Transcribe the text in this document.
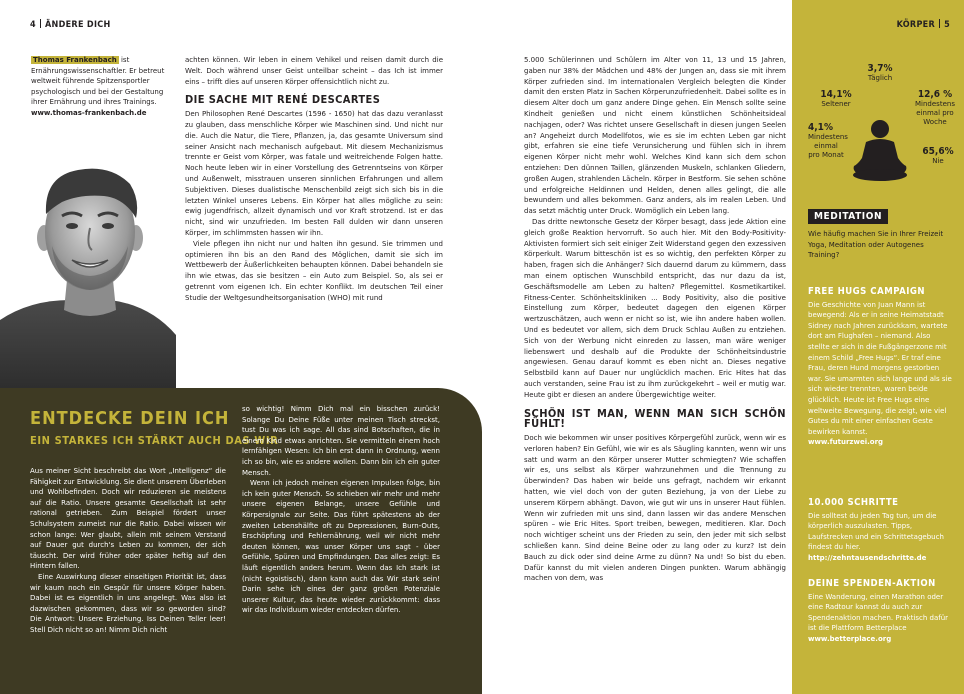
4 ÄNDERE DICH
Thomas Frankenbach ist Ernährungswissenschaftler. Er betreut weltweit führende Spitzensportler psychologisch und bei der Gestaltung ihrer Ernährung und ihres Trainings.
www.thomas-frankenbach.de

achten können. Wir leben in einem Vehikel und reisen damit durch die Welt. Doch während unser Geist unteilbar scheint – das Ich ist immer eins – trifft dies auf unseren Körper offensichtlich nicht zu.

DIE SACHE MIT RENÉ DESCARTES

Den Philosophen René Descartes (1596 - 1650) hat das dazu veranlasst zu glauben, dass menschliche Körper wie Maschinen sind. Und nicht nur die. Auch die Natur, die Tiere, Pflanzen, ja, das gesamte Universum sind seiner Ansicht nach mechanisch aufgebaut. Mit diesem Mechanizismus trennte er Geist vom Körper, was fatale und weitreichende Folgen hatte. Noch heute leben wir in einer Vorstellung des Getrenntseins von Körper und Außenwelt, misstrauen unseren sinnlichen Erfahrungen und allem Subjektiven. Dieses dualistische Menschenbild zeigt sich sich bis in die letzten Winkel unseres Lebens. Ein Körper hat alles mögliche zu sein: ewig jugendfrisch, allzeit dynamisch und vor Kraft strotzend. Ist er das nicht, sind wir unzufrieden. Im besten Fall dulden wir dann unseren Körper, im schlimmsten hassen wir ihn.

Viele pflegen ihn nicht nur und halten ihn gesund. Sie trimmen und optimieren ihn bis an den Rand des Möglichen, damit sie sich im Wettbewerb der Äußerlichkeiten behaupten können. Dabei behandeln sie ihn wie etwas, das sie besitzen – ein Auto zum Beispiel. So, als sei er getrennt vom eigenen Ich. Ein echter Konflikt. Im deutschen Teil einer Studie der Weltgesundheitsorganisation (WHO) mit rund

ENTDECKE DEIN ICH
EIN STARKES ICH STÄRKT AUCH DAS WIR

Aus meiner Sicht beschreibt das Wort „Intelligenz“ die Fähigkeit zur Entwicklung. Sie dient unserem Überleben und Wohlbefinden. Doch wir reduzieren sie meistens auf die Ratio. Unsere gesamte Gesellschaft ist sehr rational getrieben. Zum Beispiel fördert unser Schulsystem zumeist nur die Ratio. Dabei wissen wir schon lange: Wer glaubt, allein mit seinem Verstand auf Dauer gut durch's Leben zu kommen, der sich täuscht. Der wird früher oder später heftig auf den Hintern fallen.

Eine Auswirkung dieser einseitigen Priorität ist, dass wir kaum noch ein Gespür für unsere Körper haben. Dabei ist es eigentlich in uns angelegt. Was also ist dazwischen gekommen, dass wir so geworden sind? Die Antwort: Unsere Erziehung. Iss Deinen Teller leer! Stell Dich nicht so an! Nimm Dich nicht

so wichtig! Nimm Dich mal ein bisschen zurück! Solange Du Deine Füße unter meinen Tisch streckst, tust Du was ich sage. All das sind Botschaften, die in einem Kind etwas anrichten. Sie vermitteln einem hoch lernfähigen Wesen: Ich bin erst dann in Ordnung, wenn ich so bin, wie es andere wollen. Dann bin ich ein guter Mensch.

Wenn ich jedoch meinen eigenen Impulsen folge, bin ich kein guter Mensch. So schieben wir mehr und mehr unsere eigenen Belange, unsere Gefühle und Körpersignale zur Seite. Das führt spätestens ab der zweiten Lebenshälfte oft zu Depressionen, Burn-Outs, Erschöpfung und Fehlernährung, weil wir nicht mehr deuten können, was unser Körper uns sagt - über Gefühle, Spüren und Empfindungen. Das alles zeigt: Es läuft eigentlich anders herum. Wenn das Ich stark ist (nicht egoistisch), dann kann auch das Wir stark sein! Darin sehe ich eines der ganz großen Potenziale unserer Kultur, das heute wieder zurückkommt: dass wir das Individuum wieder entdecken dürfen.

5.000 Schülerinnen und Schülern im Alter von 11, 13 und 15 Jahren, gaben nur 38% der Mädchen und 48% der Jungen an, dass sie mit ihrem Körper zufrieden sind. Im internationalen Vergleich belegten die Kinder damit den ersten Platz in Sachen Körperunzufriedenheit. Dabei sollte es in diesem Alter doch um ganz andere Dinge gehen. Ein Mensch sollte seine Kindheit genießen und nicht einem künstlichen Schönheitsideal nachjagen, oder? Was richtet unsere Gesellschaft in diesen jungen Seelen an? Angeheizt durch Modellfotos, wie es sie im echten Leben gar nicht gibt, erfahren sie eine tiefe Verunsicherung und fühlen sich in ihrem eigenen Körper nicht mehr wohl. Welches Kind kann sich dem schon entziehen: Den dünnen Taillen, glänzenden Muskeln, schlanken Gliedern, großen Augen, strahlenden Lächeln. Körper in Bestform. Sie sehen schöne und erfolgreiche Heldinnen und Helden, denen alles gelingt, die alle bewundern und alles bekommen. Ganz anders, als im realen Leben. Und das setzt mächtig unter Druck. Womöglich ein Leben lang.

Das dritte newtonsche Gesetz der Körper besagt, dass jede Aktion eine gleich große Reaktion hervorruft. So auch hier. Mit den Body-Positivity-Aktivisten formiert sich seit einiger Zeit Widerstand gegen den exzessiven Körperkult. Warum bitteschön ist es so wichtig, den perfekten Körper zu haben, fragen sich die Anhänger? Sich dauernd darum zu kümmern, dass man einem optischen Wunschbild entspricht, das nur dazu da ist, Geschäftsmodelle am Leben zu halten? Pflegemittel. Kosmetikartikel. Fitness-Center. Schönheitskliniken ... Body Positivity, also die positive Einstellung zum Körper, bedeutet dagegen den eigenen Körper wertzuschätzen, auch wenn er nicht so ist, wie ihn andere haben wollen. Und es bedeutet vor allem, sich dem Druck Schlau Außen zu entziehen. Sich von der Werbung nicht einreden zu lassen, man wäre weniger liebenswert und deshalb auf die Produkte der Schönheitsindustrie angewiesen. Genau darauf kommt es eben nicht an. Dieses negative Selbstbild kann auf Dauer nur unglücklich machen. Eric Hites hat das auch verstanden, seine Frau ist zu ihm zurückgekehrt – weil er mutig war. Heute gibt er diesen an andere Übergewichtige weiter.

SCHÖN IST MAN, WENN MAN SICH SCHÖN FÜHLT!

Doch wie bekommen wir unser positives Körpergefühl zurück, wenn wir es verloren haben? Ein Gefühl, wie wir es als Säugling kannten, wenn wir uns satt und warm an den Körper unserer Mutter schmiegten? Wie schaffen wir es, uns selbst als Körper wahrzunehmen und die Trennung zu überwinden? Das haben wir beide uns gefragt, nachdem wir erkannt hatten, wie viel doch von der guten Beziehung, ja von der Liebe zu unserem Körpern abhängt. Davon, wie gut wir uns in unserer Haut fühlen. Wenn wir zufrieden mit uns sind, dann lassen wir das andere Menschen spüren – wie Eric Hites. Sport treiben, bewegen, meditieren. Klar. Doch noch wichtiger scheint uns der Frieden zu sein, den jeder mit sich selbst schließen kann. Sind deine Beine oder zu lang oder zu kurz? Ist dein Bauch zu dick oder sind deine Arme zu dünn? Na und! So bist du eben. Dafür kannst du mit vielen anderen Dingen punkten. Warum abhängig machen von dem, was

KÖRPER 5
3,7%
Täglich
14,1%
Seltener
12,6 %
Mindestens einmal pro Woche
4,1%
Mindestens einmal pro Monat	65,6%
Nie
MEDITATION
Wie häufig machen Sie in Ihrer Freizeit Yoga, Meditation oder Autogenes Training?
FREE HUGS CAMPAIGN
Die Geschichte von Juan Mann ist bewegend: Als er in seine Heimatstadt Sidney nach Jahren zurückkam, wartete dort am Flughafen – niemand. Also stellte er sich in die Fußgängerzone mit einem Schild „Free Hugs“. Er traf eine Frau, deren Hund morgens gestorben war. Sie umarmten sich lange und als sie sich wieder trennten, waren beide glücklich. Heute ist Free Hugs eine weltweite Bewegung, die zeigt, wie viel Gutes du mit einer einfachen Geste bewirken kannst.
www.futurzwei.org
10.000 SCHRITTE
Die solltest du jeden Tag tun, um die körperlich auszulasten. Tipps, Laufstrecken und ein Schrittetagebuch findest du hier.
http://zehntausendschritte.de
DEINE SPENDEN-AKTION
Eine Wanderung, einen Marathon oder eine Radtour kannst du auch zur Spendenaktion machen. Praktisch dafür ist die Plattform Betterplace www.betterplace.org
